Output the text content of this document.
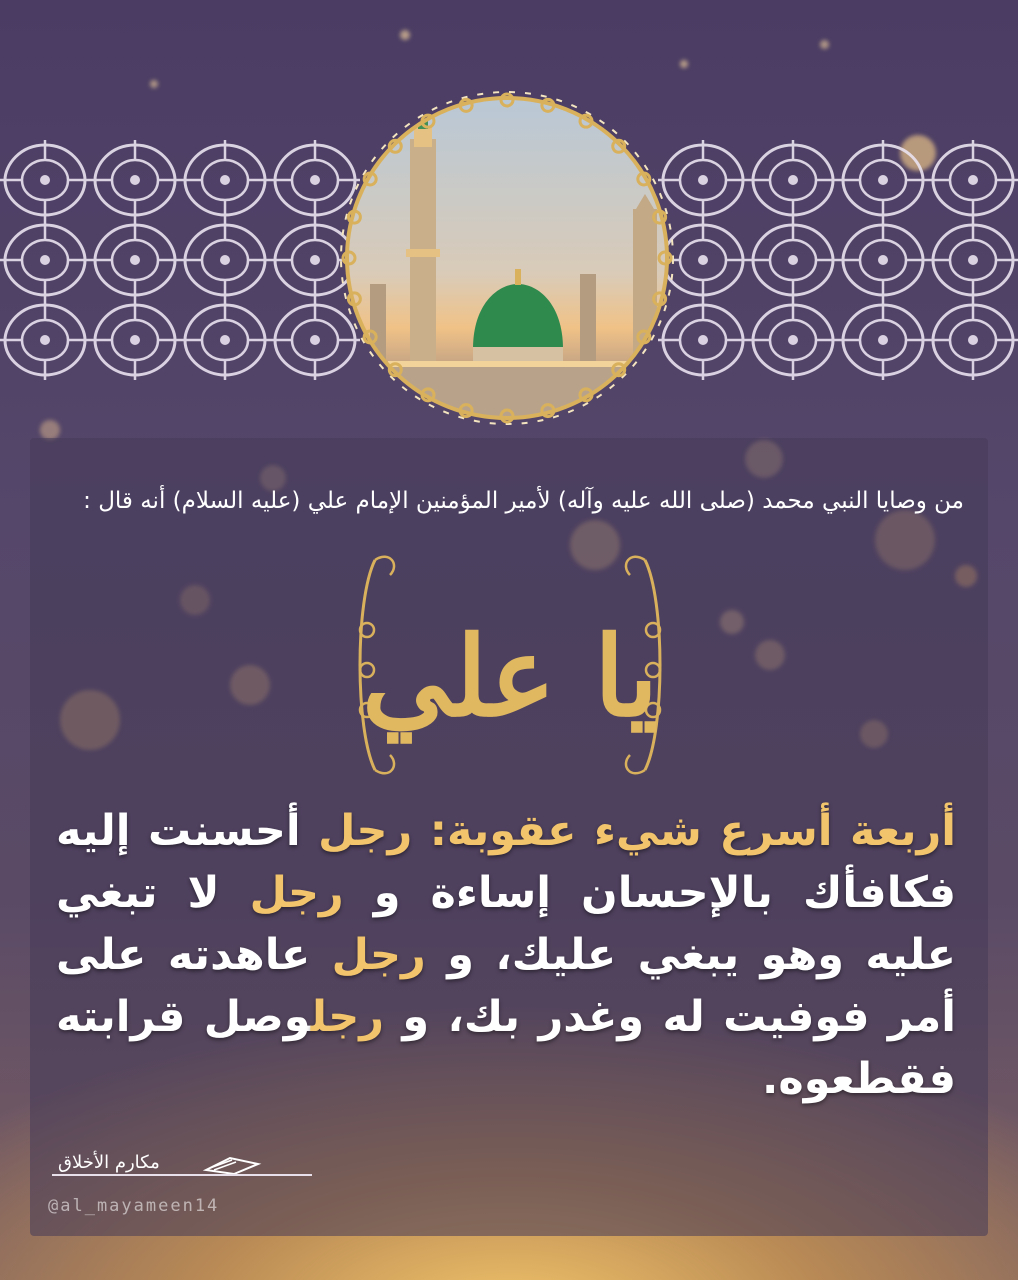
من وصايا النبي محمد (صلى الله عليه وآله) لأمير المؤمنين الإمام علي (عليه السلام) أنه قال :
يا علي
أربعة أسرع شيء عقوبة: رجل أحسنت إليه فكافأك بالإحسان إساءة و رجل لا تبغي عليه وهو يبغي عليك، و رجل عاهدته على أمر فوفيت له وغدر بك، و رجلوصل قرابته فقطعوه.
مكارم الأخلاق
@al_mayameen14
